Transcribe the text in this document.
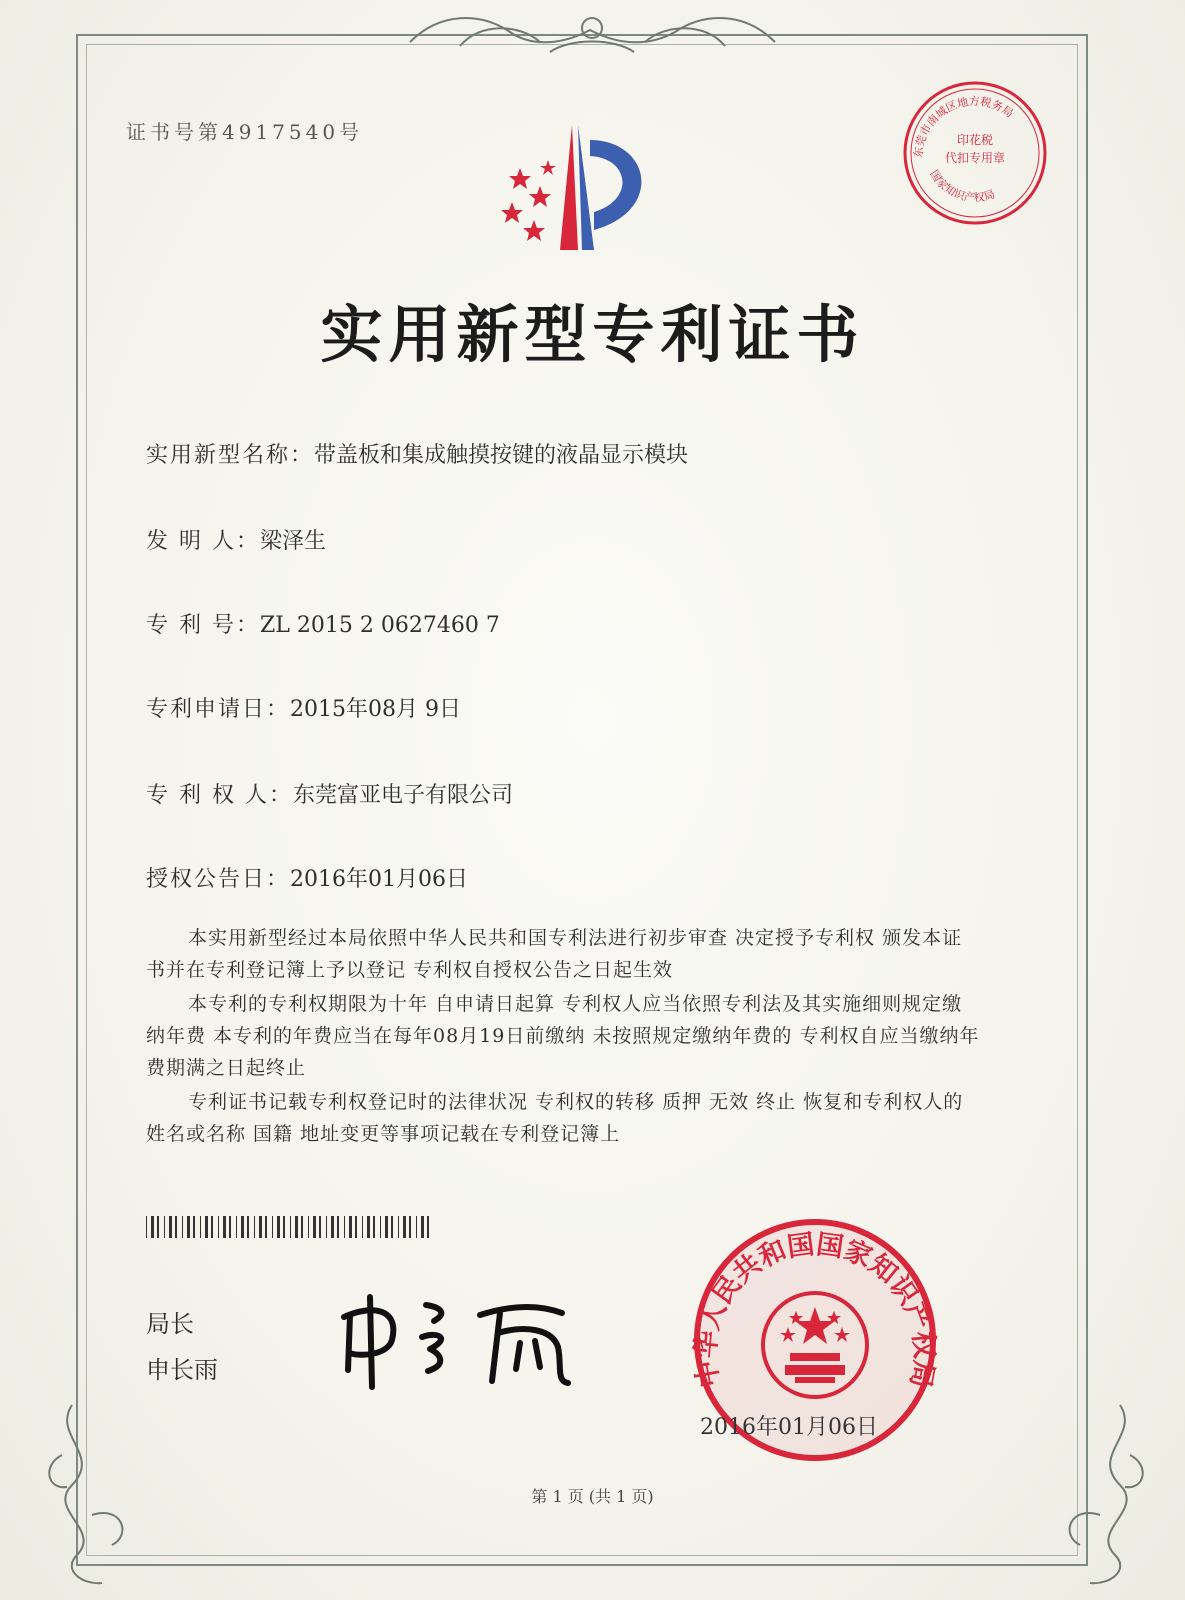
证书号第4917540号
东莞市南城区地方税务局
国家知识产权局
印花税
代扣专用章
实用新型专利证书
实用新型名称：带盖板和集成触摸按键的液晶显示模块
发 明 人：梁泽生
专 利 号：ZL 2015 2 0627460 7
专利申请日：2015年08月 9日
专 利 权 人：东莞富亚电子有限公司
授权公告日：2016年01月06日

本实用新型经过本局依照中华人民共和国专利法进行初步审查 决定授予专利权 颁发本证书并在专利登记簿上予以登记 专利权自授权公告之日起生效

本专利的专利权期限为十年 自申请日起算 专利权人应当依照专利法及其实施细则规定缴纳年费 本专利的年费应当在每年08月19日前缴纳 未按照规定缴纳年费的 专利权自应当缴纳年费期满之日起终止

专利证书记载专利权登记时的法律状况 专利权的转移 质押 无效 终止 恢复和专利权人的姓名或名称 国籍 地址变更等事项记载在专利登记簿上

局长
申长雨	中华人民共和国国家知识产权局
2016年01月06日
第 1 页 (共 1 页)
